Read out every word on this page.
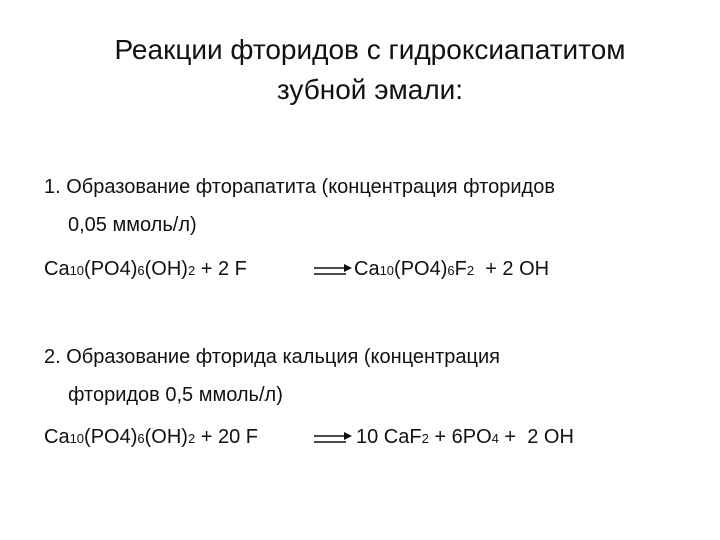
Реакции фторидов с гидроксиапатитом
зубной эмали:
1. Образование фторапатита (концентрация фторидов
0,05 ммоль/л)
Ca10(PO4)6(OH)2 + 2 F	Ca10(PO4)6F2  + 2 OH
2. Образование фторида кальция (концентрация
фторидов 0,5 ммоль/л)
Ca10(PO4)6(OH)2 + 20 F	10 CaF2 + 6PO4 +  2 OH
